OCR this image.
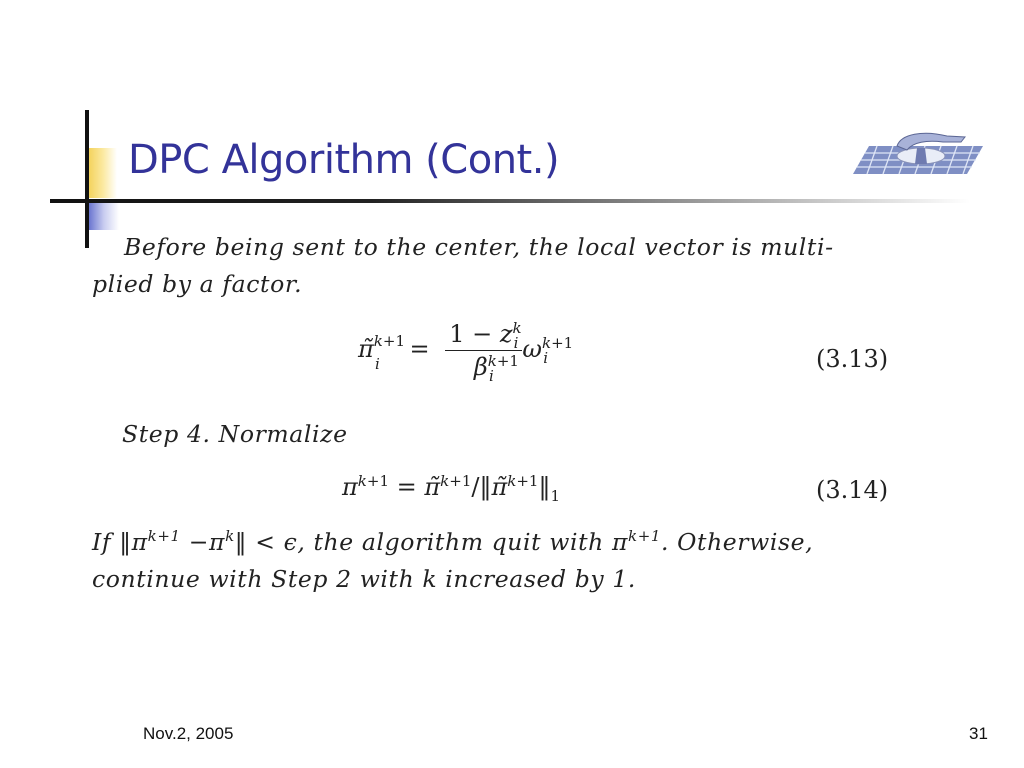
DPC Algorithm (Cont.)
Before being sent to the center, the local vector is multi-
plied by a factor.
π̃$^{k+1}_i$ = $\frac{1 - z^k_i}{\beta^{k+1}_i} \omega^{k+1}_i$	(3.13)
Step 4. Normalize
$\pi^{k+1}$ = $\pĩ^{k+1}/‖\pĩ^{k+1}‖_1$	(3.14)
If $‖\pi^{k+1}$ $-\pi^k‖ < \epsilon$, the algorithm quit with $\pi^{k+1}$. Otherwise,
continue with Step 2 with k increased by 1.
Nov.2, 2005	31
